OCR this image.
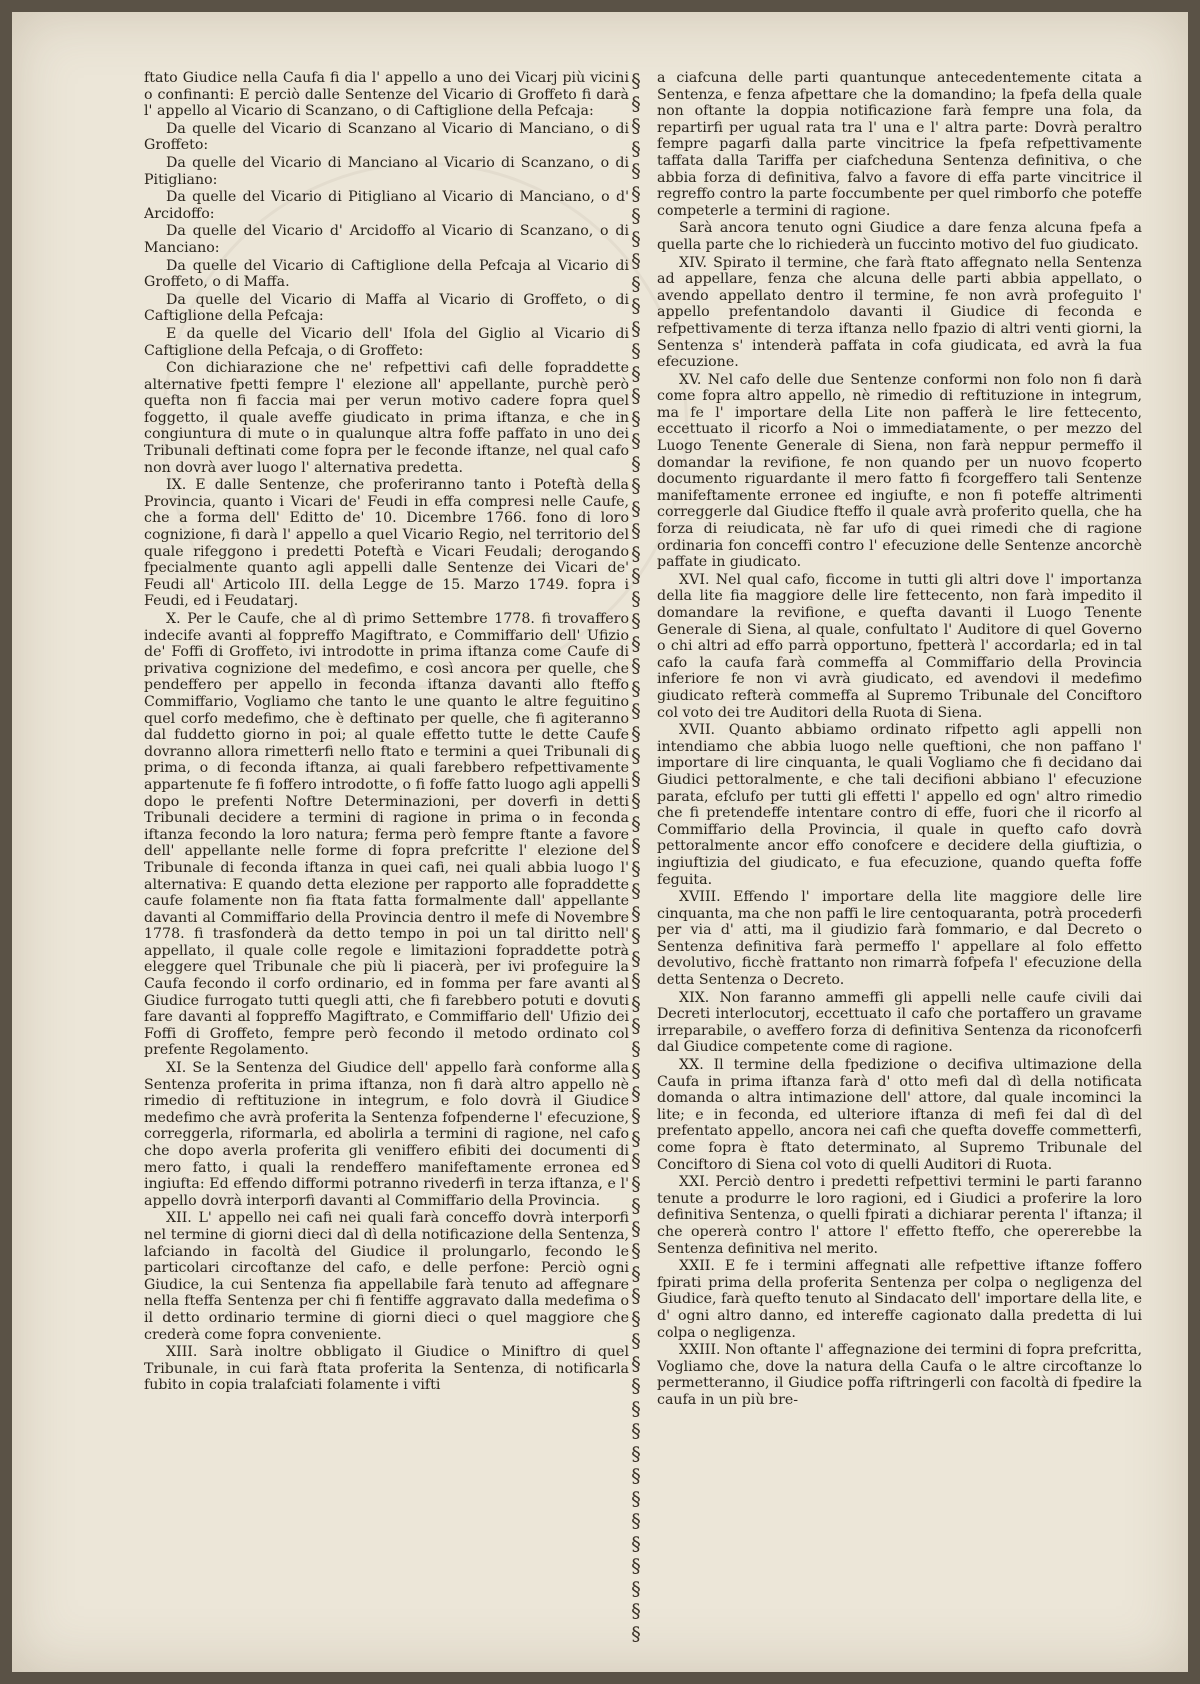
ftato Giudice nella Caufa fi dia l' appello a uno dei Vicarj più vicini o confinanti: E perciò dalle Sentenze del Vicario di Groffeto fi darà l' appello al Vicario di Scanzano, o di Caftiglione della Pefcaja:

Da quelle del Vicario di Scanzano al Vicario di Manciano, o di Groffeto:

Da quelle del Vicario di Manciano al Vicario di Scanzano, o di Pitigliano:

Da quelle del Vicario di Pitigliano al Vicario di Manciano, o d' Arcidoffo:

Da quelle del Vicario d' Arcidoffo al Vicario di Scanzano, o di Manciano:

Da quelle del Vicario di Caftiglione della Pefcaja al Vicario di Groffeto, o di Maffa.

Da quelle del Vicario di Maffa al Vicario di Groffeto, o di Caftiglione della Pefcaja:

E da quelle del Vicario dell' Ifola del Giglio al Vicario di Caftiglione della Pefcaja, o di Groffeto:

Con dichiarazione che ne' refpettivi cafi delle fopraddette alternative fpetti fempre l' elezione all' appellante, purchè però quefta non fi faccia mai per verun motivo cadere fopra quel foggetto, il quale aveffe giudicato in prima iftanza, e che in congiuntura di mute o in qualunque altra foffe paffato in uno dei Tribunali deftinati come fopra per le feconde iftanze, nel qual cafo non dovrà aver luogo l' alternativa predetta.

IX. E dalle Sentenze, che proferiranno tanto i Poteftà della Provincia, quanto i Vicari de' Feudi in effa compresi nelle Caufe, che a forma dell' Editto de' 10. Dicembre 1766. fono di loro cognizione, fi darà l' appello a quel Vicario Regio, nel territorio del quale rifeggono i predetti Poteftà e Vicari Feudali; derogando fpecialmente quanto agli appelli dalle Sentenze dei Vicari de' Feudi all' Articolo III. della Legge de 15. Marzo 1749. fopra i Feudi, ed i Feudatarj.

X. Per le Caufe, che al dì primo Settembre 1778. fi trovaffero indecife avanti al foppreffo Magiftrato, e Commiffario dell' Ufizio de' Foffi di Groffeto, ivi introdotte in prima iftanza come Caufe di privativa cognizione del medefimo, e così ancora per quelle, che pendeffero per appello in feconda iftanza davanti allo fteffo Commiffario, Vogliamo che tanto le une quanto le altre feguitino quel corfo medefimo, che è deftinato per quelle, che fi agiteranno dal fuddetto giorno in poi; al quale effetto tutte le dette Caufe dovranno allora rimetterfi nello ftato e termini a quei Tribunali di prima, o di feconda iftanza, ai quali farebbero refpettivamente appartenute fe fi foffero introdotte, o fi foffe fatto luogo agli appelli dopo le prefenti Noftre Determinazioni, per doverfi in detti Tribunali decidere a termini di ragione in prima o in feconda iftanza fecondo la loro natura; ferma però fempre ftante a favore dell' appellante nelle forme di fopra prefcritte l' elezione del Tribunale di feconda iftanza in quei cafi, nei quali abbia luogo l' alternativa: E quando detta elezione per rapporto alle fopraddette caufe folamente non fia ftata fatta formalmente dall' appellante davanti al Commiffario della Provincia dentro il mefe di Novembre 1778. fi trasfonderà da detto tempo in poi un tal diritto nell' appellato, il quale colle regole e limitazioni fopraddette potrà eleggere quel Tribunale che più li piacerà, per ivi profeguire la Caufa fecondo il corfo ordinario, ed in fomma per fare avanti al Giudice furrogato tutti quegli atti, che fi farebbero potuti e dovuti fare davanti al foppreffo Magiftrato, e Commiffario dell' Ufizio dei Foffi di Groffeto, fempre però fecondo il metodo ordinato col prefente Regolamento.

XI. Se la Sentenza del Giudice dell' appello farà conforme alla Sentenza proferita in prima iftanza, non fi darà altro appello nè rimedio di reftituzione in integrum, e folo dovrà il Giudice medefimo che avrà proferita la Sentenza fofpenderne l' efecuzione, correggerla, riformarla, ed abolirla a termini di ragione, nel cafo che dopo averla proferita gli veniffero efibiti dei documenti di mero fatto, i quali la rendeffero manifeftamente erronea ed ingiufta: Ed effendo difformi potranno rivederfi in terza iftanza, e l' appello dovrà interporfi davanti al Commiffario della Provincia.

XII. L' appello nei cafi nei quali farà conceffo dovrà interporfi nel termine di giorni dieci dal dì della notificazione della Sentenza, lafciando in facoltà del Giudice il prolungarlo, fecondo le particolari circoftanze del cafo, e delle perfone: Perciò ogni Giudice, la cui Sentenza fia appellabile farà tenuto ad affegnare nella fteffa Sentenza per chi fi fentiffe aggravato dalla medefima o il detto ordinario termine di giorni dieci o quel maggiore che crederà come fopra conveniente.

XIII. Sarà inoltre obbligato il Giudice o Miniftro di quel Tribunale, in cui farà ftata proferita la Sentenza, di notificarla fubito in copia tralafciati folamente i vifti

§
§
§
§
§
§
§
§
§
§
§
§
§
§
§
§
§
§
§
§
§
§
§
§
§
§
§
§
§
§
§
§
§
§
§
§
§
§
§
§
§
§
§
§
§
§
§
§
§
§
§
§
§
§
§
§
§
§
§
§
§
§
§
§
§
§
§
§
§
§

a ciafcuna delle parti quantunque antecedentemente citata a Sentenza, e fenza afpettare che la domandino; la fpefa della quale non oftante la doppia notificazione farà fempre una fola, da repartirfi per ugual rata tra l' una e l' altra parte: Dovrà peraltro fempre pagarfi dalla parte vincitrice la fpefa refpettivamente taffata dalla Tariffa per ciafcheduna Sentenza definitiva, o che abbia forza di definitiva, falvo a favore di effa parte vincitrice il regreffo contro la parte foccumbente per quel rimborfo che poteffe competerle a termini di ragione.

Sarà ancora tenuto ogni Giudice a dare fenza alcuna fpefa a quella parte che lo richiederà un fuccinto motivo del fuo giudicato.

XIV. Spirato il termine, che farà ftato affegnato nella Sentenza ad appellare, fenza che alcuna delle parti abbia appellato, o avendo appellato dentro il termine, fe non avrà profeguito l' appello prefentandolo davanti il Giudice di feconda e refpettivamente di terza iftanza nello fpazio di altri venti giorni, la Sentenza s' intenderà paffata in cofa giudicata, ed avrà la fua efecuzione.

XV. Nel cafo delle due Sentenze conformi non folo non fi darà come fopra altro appello, nè rimedio di reftituzione in integrum, ma fe l' importare della Lite non pafferà le lire fettecento, eccettuato il ricorfo a Noi o immediatamente, o per mezzo del Luogo Tenente Generale di Siena, non farà neppur permeffo il domandar la revifione, fe non quando per un nuovo fcoperto documento riguardante il mero fatto fi fcorgeffero tali Sentenze manifeftamente erronee ed ingiufte, e non fi poteffe altrimenti correggerle dal Giudice fteffo il quale avrà proferito quella, che ha forza di reiudicata, nè far ufo di quei rimedi che di ragione ordinaria fon conceffi contro l' efecuzione delle Sentenze ancorchè paffate in giudicato.

XVI. Nel qual cafo, ficcome in tutti gli altri dove l' importanza della lite fia maggiore delle lire fettecento, non farà impedito il domandare la revifione, e quefta davanti il Luogo Tenente Generale di Siena, al quale, confultato l' Auditore di quel Governo o chi altri ad effo parrà opportuno, fpetterà l' accordarla; ed in tal cafo la caufa farà commeffa al Commiffario della Provincia inferiore fe non vi avrà giudicato, ed avendovi il medefimo giudicato refterà commeffa al Supremo Tribunale del Conciftoro col voto dei tre Auditori della Ruota di Siena.

XVII. Quanto abbiamo ordinato rifpetto agli appelli non intendiamo che abbia luogo nelle queftioni, che non paffano l' importare di lire cinquanta, le quali Vogliamo che fi decidano dai Giudici pettoralmente, e che tali decifioni abbiano l' efecuzione parata, efclufo per tutti gli effetti l' appello ed ogn' altro rimedio che fi pretendeffe intentare contro di effe, fuori che il ricorfo al Commiffario della Provincia, il quale in quefto cafo dovrà pettoralmente ancor effo conofcere e decidere della giuftizia, o ingiuftizia del giudicato, e fua efecuzione, quando quefta foffe feguita.

XVIII. Effendo l' importare della lite maggiore delle lire cinquanta, ma che non paffi le lire centoquaranta, potrà procederfi per via d' atti, ma il giudizio farà fommario, e dal Decreto o Sentenza definitiva farà permeffo l' appellare al folo effetto devolutivo, ficchè frattanto non rimarrà fofpefa l' efecuzione della detta Sentenza o Decreto.

XIX. Non faranno ammeffi gli appelli nelle caufe civili dai Decreti interlocutorj, eccettuato il cafo che portaffero un gravame irreparabile, o aveffero forza di definitiva Sentenza da riconofcerfi dal Giudice competente come di ragione.

XX. Il termine della fpedizione o decifiva ultimazione della Caufa in prima iftanza farà d' otto mefi dal dì della notificata domanda o altra intimazione dell' attore, dal quale incominci la lite; e in feconda, ed ulteriore iftanza di mefi fei dal dì del prefentato appello, ancora nei cafi che quefta doveffe commetterfi, come fopra è ftato determinato, al Supremo Tribunale del Conciftoro di Siena col voto di quelli Auditori di Ruota.

XXI. Perciò dentro i predetti refpettivi termini le parti faranno tenute a produrre le loro ragioni, ed i Giudici a proferire la loro definitiva Sentenza, o quelli fpirati a dichiarar perenta l' iftanza; il che opererà contro l' attore l' effetto fteffo, che opererebbe la Sentenza definitiva nel merito.

XXII. E fe i termini affegnati alle refpettive iftanze foffero fpirati prima della proferita Sentenza per colpa o negligenza del Giudice, farà quefto tenuto al Sindacato dell' importare della lite, e d' ogni altro danno, ed intereffe cagionato dalla predetta di lui colpa o negligenza.

XXIII. Non oftante l' affegnazione dei termini di fopra prefcritta, Vogliamo che, dove la natura della Caufa o le altre circoftanze lo permetteranno, il Giudice poffa riftringerli con facoltà di fpedire la caufa in un più bre-
